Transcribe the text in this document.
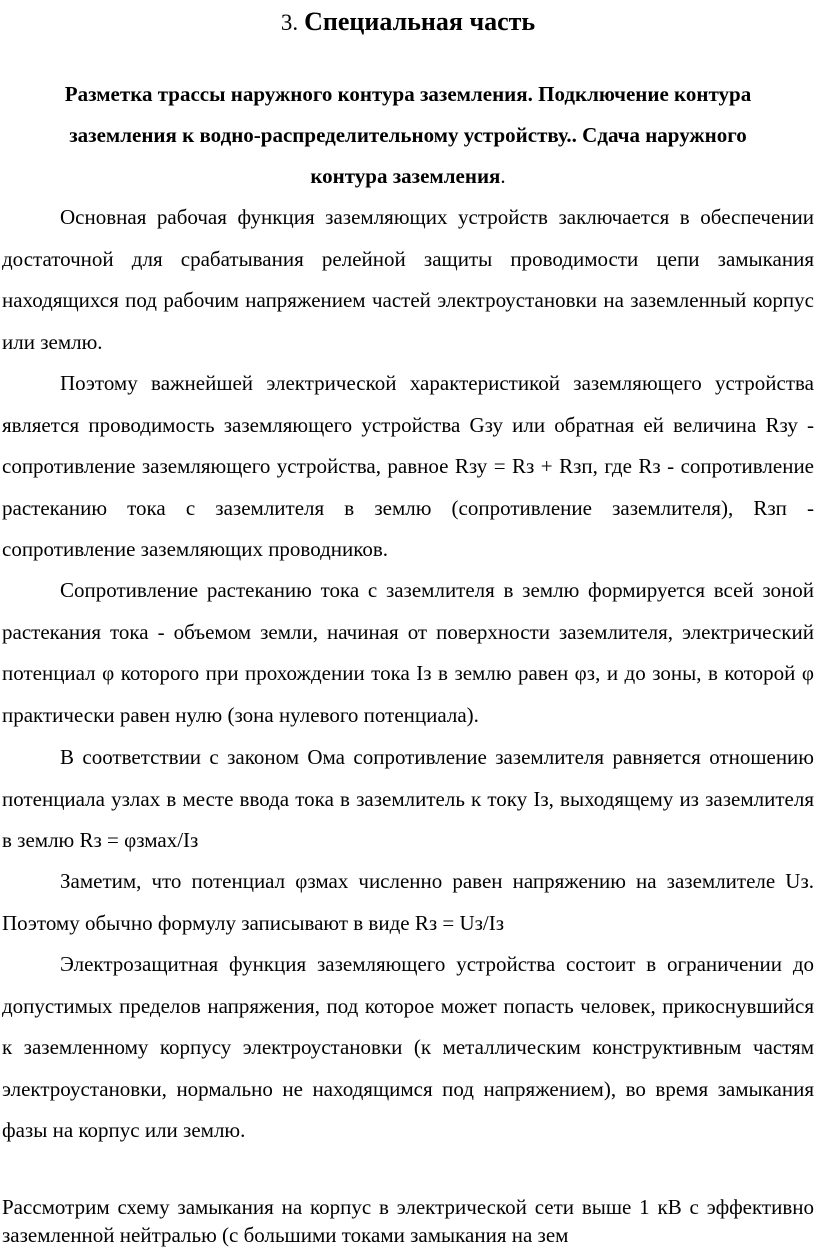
3. Специальная часть
Разметка трассы наружного контура заземления. Подключение контура заземления к водно-распределительному устройству.. Сдача наружного контура заземления.

Основная рабочая функция заземляющих устройств заключается в обеспечении достаточной для срабатывания релейной защиты проводимости цепи замыкания находящихся под рабочим напряжением частей электроустановки на заземленный корпус или землю.

Поэтому важнейшей электрической характеристикой заземляющего устройства является проводимость заземляющего устройства Gзу или обратная ей величина Rзу - сопротивление заземляющего устройства, равное Rзу = Rз + Rзп, где Rз - сопротивление растеканию тока с заземлителя в землю (сопротивление заземлителя), Rзп - сопротивление заземляющих проводников.

Сопротивление растеканию тока с заземлителя в землю формируется всей зоной растекания тока - объемом земли, начиная от поверхности заземлителя, электрический потенциал φ которого при прохождении тока Iз в землю равен φз, и до зоны, в которой φ практически равен нулю (зона нулевого потенциала).

В соответствии с законом Ома сопротивление заземлителя равняется отношению потенциала узлах в месте ввода тока в заземлитель к току Iз, выходящему из заземлителя в землю Rз = φзмах/Iз

Заметим, что потенциал φзмах численно равен напряжению на заземлителе Uз. Поэтому обычно формулу записывают в виде Rз = Uз/Iз

Электрозащитная функция заземляющего устройства состоит в ограничении до допустимых пределов напряжения, под которое может попасть человек, прикоснувшийся к заземленному корпусу электроустановки (к металлическим конструктивным частям электроустановки, нормально не находящимся под напряжением), во время замыкания фазы на корпус или землю.

Рассмотрим схему замыкания на корпус в электрической сети выше 1 кВ с эффективно заземленной нейтралью (с большими токами замыкания на зем
